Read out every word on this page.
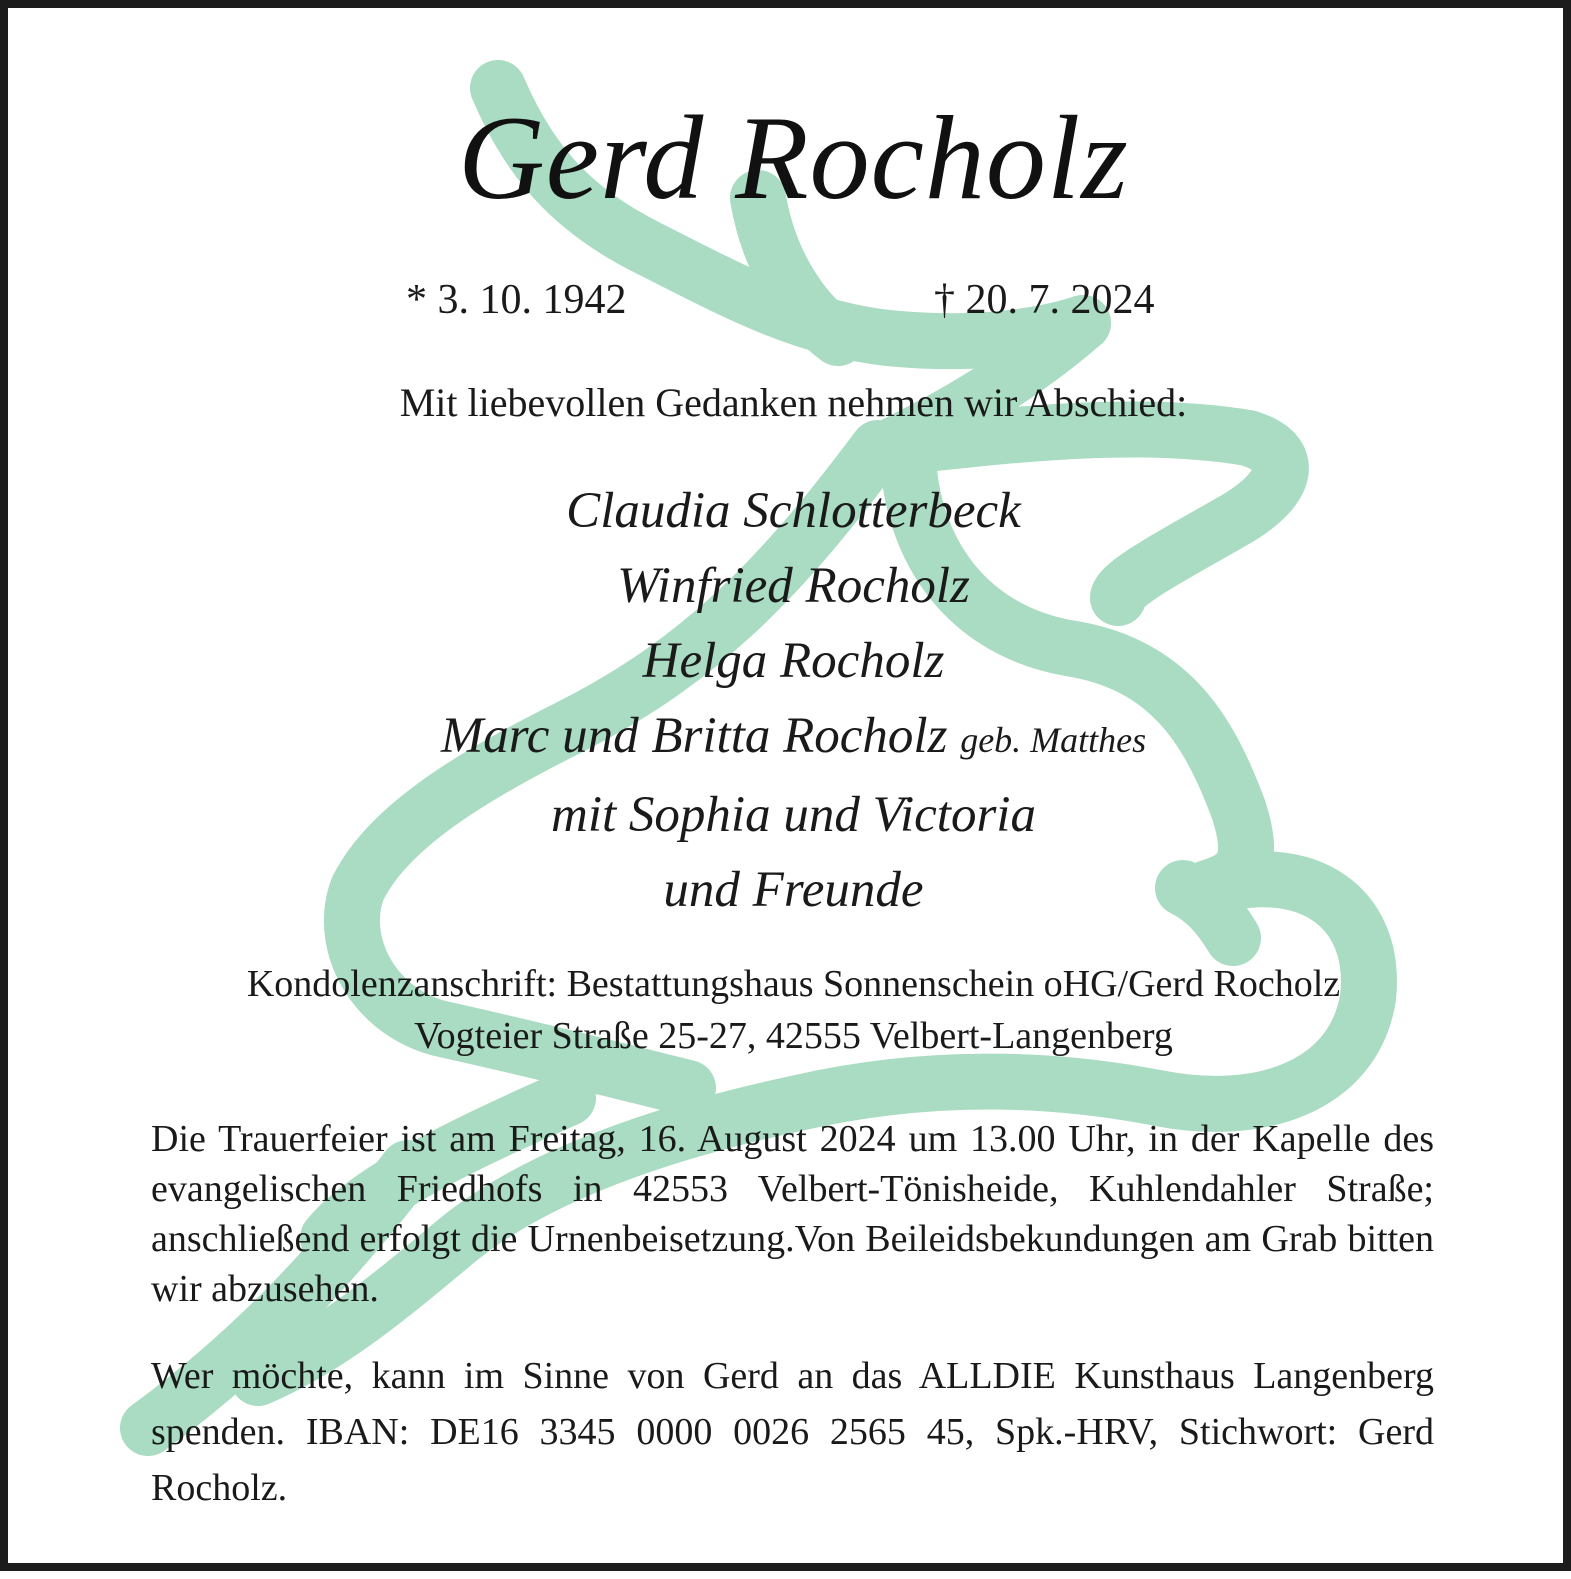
Gerd Rocholz
* 3. 10. 1942	† 20. 7. 2024
Mit liebevollen Gedanken nehmen wir Abschied:
Claudia Schlotterbeck
Winfried Rocholz
Helga Rocholz
Marc und Britta Rocholz geb. Matthes
mit Sophia und Victoria
und Freunde
Kondolenzanschrift: Bestattungshaus Sonnenschein oHG/Gerd Rocholz
Vogteier Straße 25-27, 42555 Velbert-Langenberg
Die Trauerfeier ist am Freitag, 16. August 2024 um 13.00 Uhr, in der Kapelle des evangelischen Friedhofs in 42553 Velbert-Tönisheide, Kuhlendahler Straße; anschließend erfolgt die Urnenbeisetzung.Von Beileidsbekundungen am Grab bitten wir abzusehen.
Wer möchte, kann im Sinne von Gerd an das ALLDIE Kunsthaus Langenberg spenden. IBAN: DE16 3345 0000 0026 2565 45, Spk.-HRV, Stichwort: Gerd Rocholz.
